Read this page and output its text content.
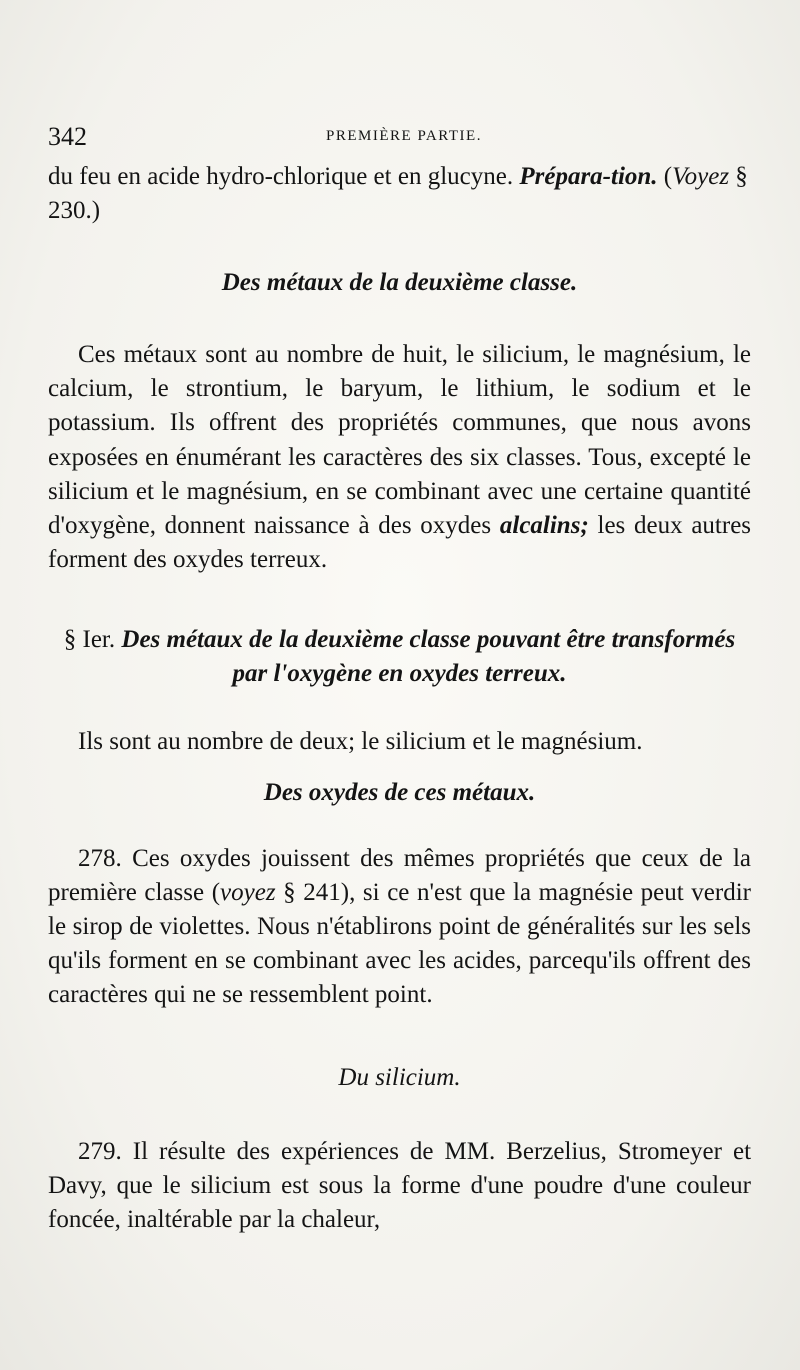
342	PREMIÈRE PARTIE.

du feu en acide hydro-chlorique et en glucyne. Prépara-tion. (Voyez § 230.)

Des métaux de la deuxième classe.

Ces métaux sont au nombre de huit, le silicium, le magnésium, le calcium, le strontium, le baryum, le lithium, le sodium et le potassium. Ils offrent des propriétés communes, que nous avons exposées en énumérant les caractères des six classes. Tous, excepté le silicium et le magnésium, en se combinant avec une certaine quantité d'oxygène, donnent naissance à des oxydes alcalins; les deux autres forment des oxydes terreux.

§ Ier. Des métaux de la deuxième classe pouvant être transformés par l'oxygène en oxydes terreux.

Ils sont au nombre de deux; le silicium et le magnésium.

Des oxydes de ces métaux.

278. Ces oxydes jouissent des mêmes propriétés que ceux de la première classe (voyez § 241), si ce n'est que la magnésie peut verdir le sirop de violettes. Nous n'établirons point de généralités sur les sels qu'ils forment en se combinant avec les acides, parcequ'ils offrent des caractères qui ne se ressemblent point.

Du silicium.

279. Il résulte des expériences de MM. Berzelius, Stromeyer et Davy, que le silicium est sous la forme d'une poudre d'une couleur foncée, inaltérable par la chaleur,
